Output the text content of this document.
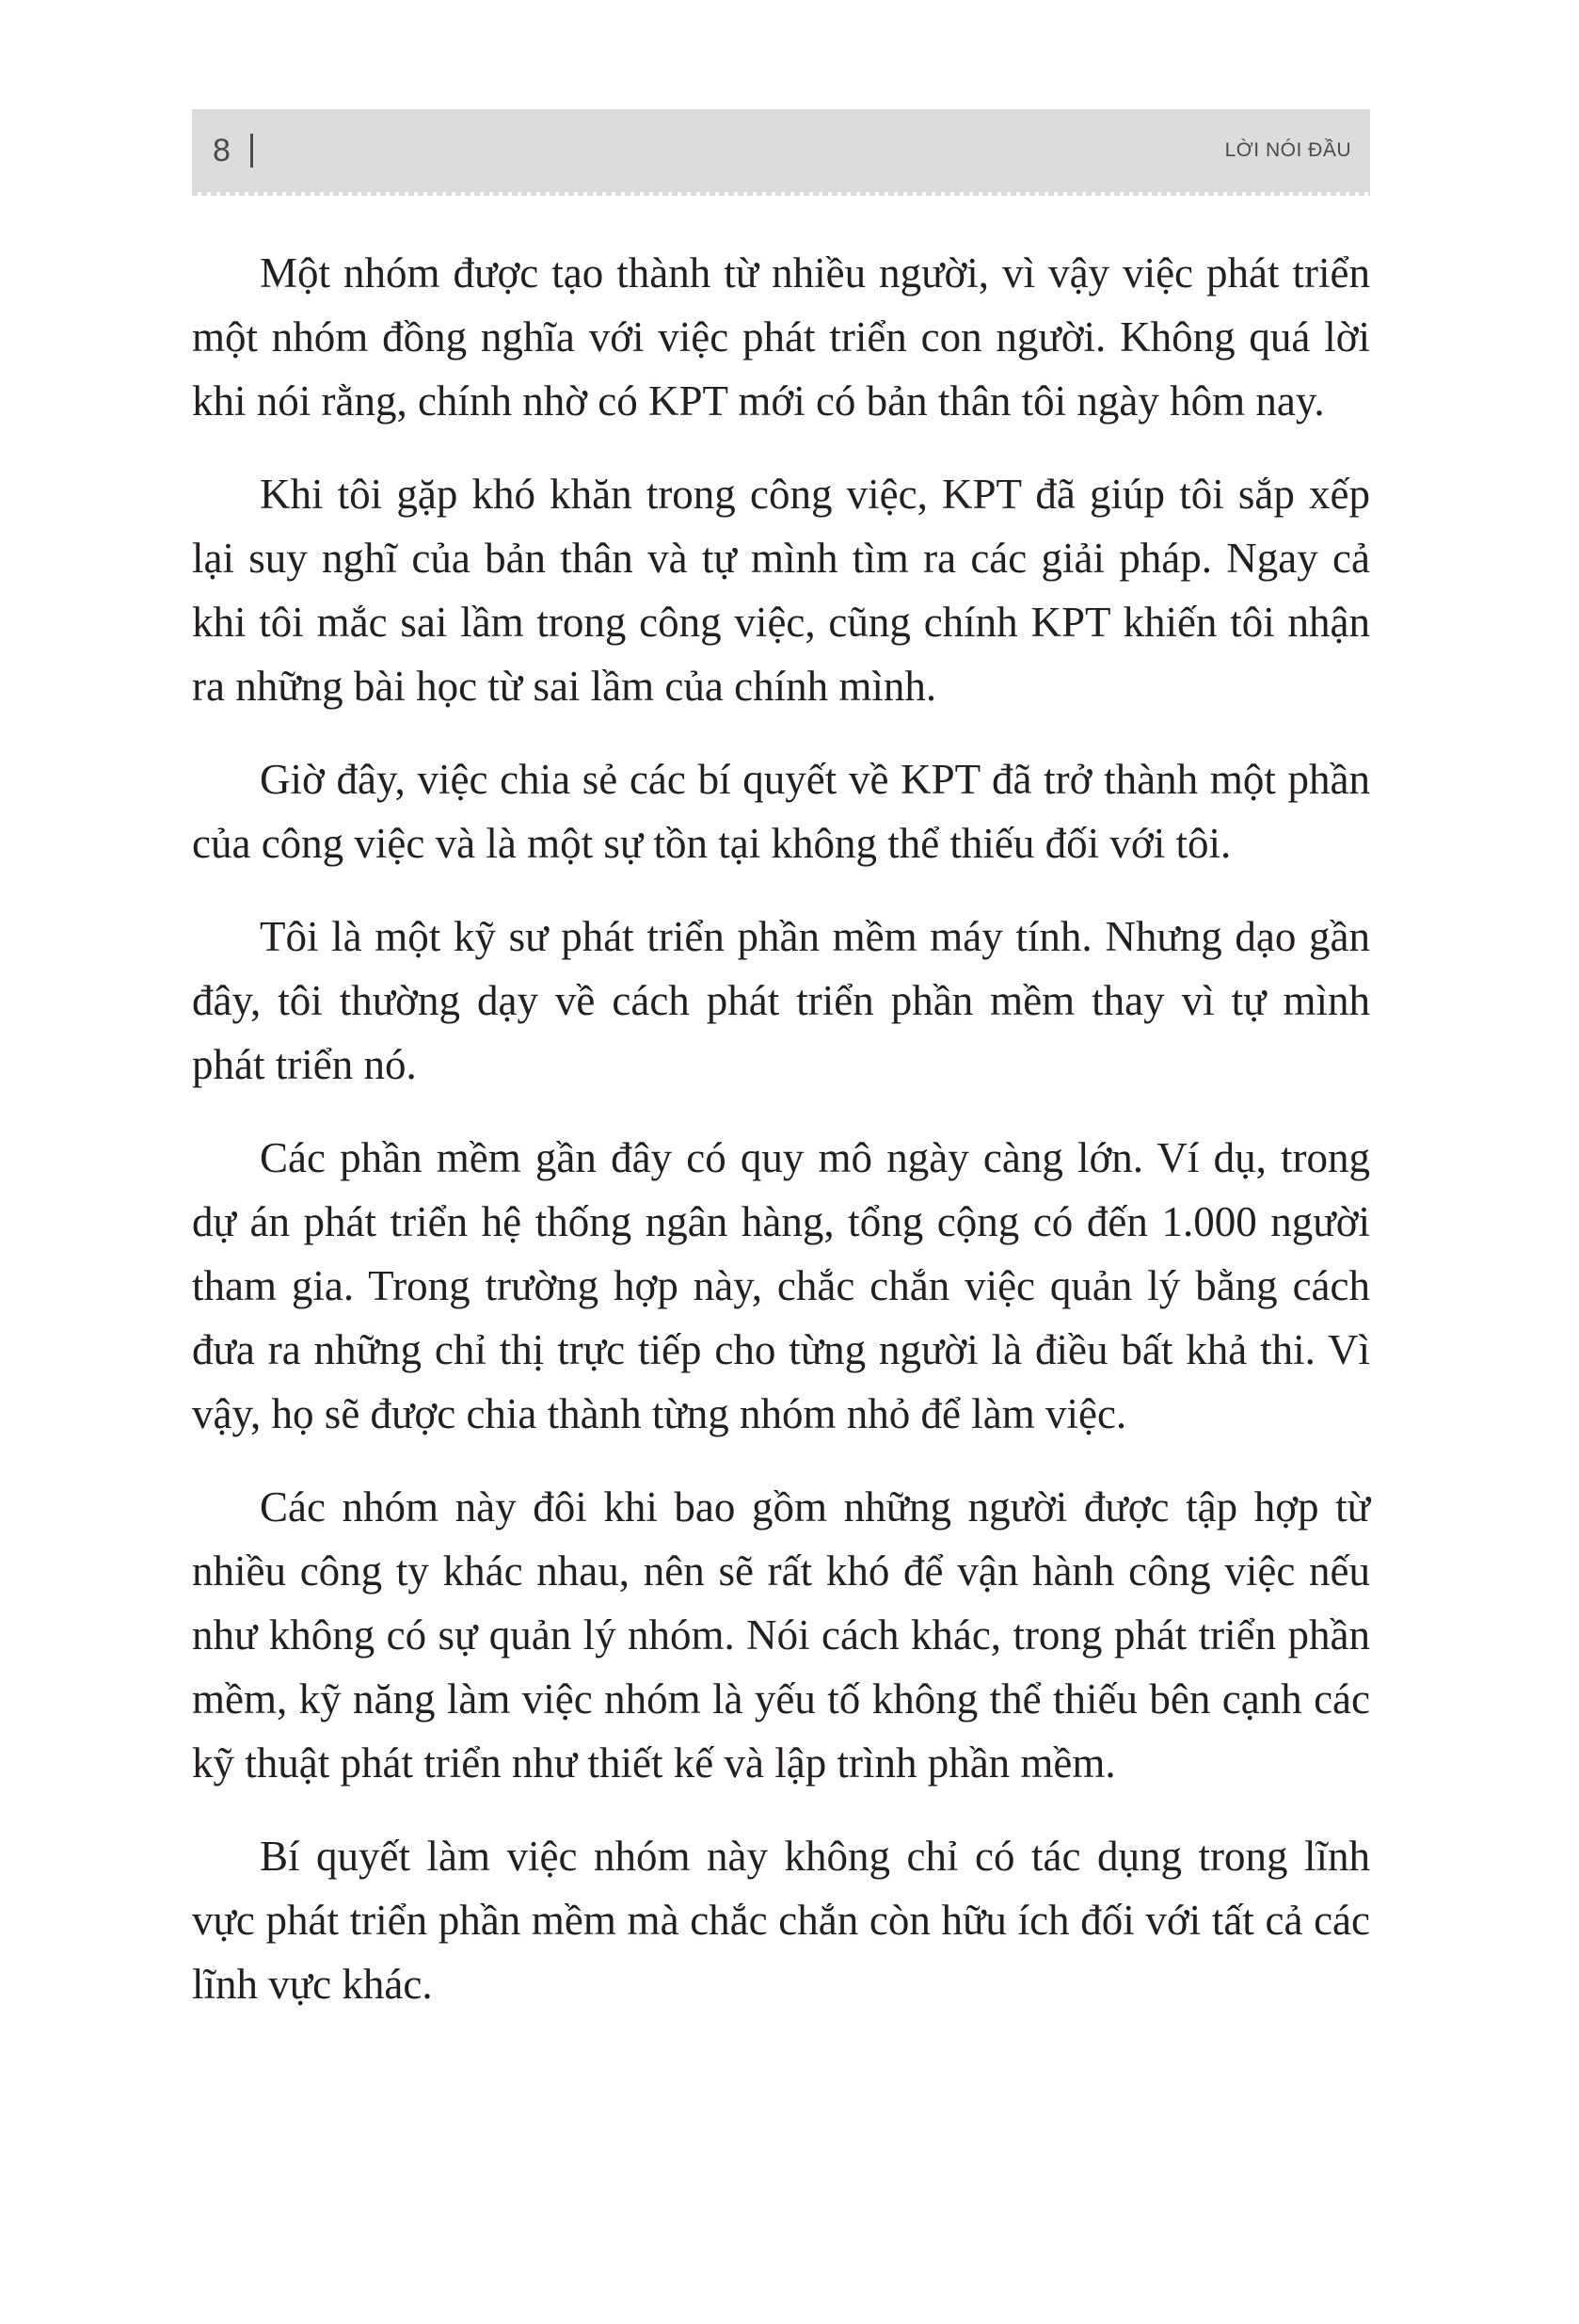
8	LỜI NÓI ĐẦU

Một nhóm được tạo thành từ nhiều người, vì vậy việc phát triển một nhóm đồng nghĩa với việc phát triển con người. Không quá lời khi nói rằng, chính nhờ có KPT mới có bản thân tôi ngày hôm nay.

Khi tôi gặp khó khăn trong công việc, KPT đã giúp tôi sắp xếp lại suy nghĩ của bản thân và tự mình tìm ra các giải pháp. Ngay cả khi tôi mắc sai lầm trong công việc, cũng chính KPT khiến tôi nhận ra những bài học từ sai lầm của chính mình.

Giờ đây, việc chia sẻ các bí quyết về KPT đã trở thành một phần của công việc và là một sự tồn tại không thể thiếu đối với tôi.

Tôi là một kỹ sư phát triển phần mềm máy tính. Nhưng dạo gần đây, tôi thường dạy về cách phát triển phần mềm thay vì tự mình phát triển nó.

Các phần mềm gần đây có quy mô ngày càng lớn. Ví dụ, trong dự án phát triển hệ thống ngân hàng, tổng cộng có đến 1.000 người tham gia. Trong trường hợp này, chắc chắn việc quản lý bằng cách đưa ra những chỉ thị trực tiếp cho từng người là điều bất khả thi. Vì vậy, họ sẽ được chia thành từng nhóm nhỏ để làm việc.

Các nhóm này đôi khi bao gồm những người được tập hợp từ nhiều công ty khác nhau, nên sẽ rất khó để vận hành công việc nếu như không có sự quản lý nhóm. Nói cách khác, trong phát triển phần mềm, kỹ năng làm việc nhóm là yếu tố không thể thiếu bên cạnh các kỹ thuật phát triển như thiết kế và lập trình phần mềm.

Bí quyết làm việc nhóm này không chỉ có tác dụng trong lĩnh vực phát triển phần mềm mà chắc chắn còn hữu ích đối với tất cả các lĩnh vực khác.
